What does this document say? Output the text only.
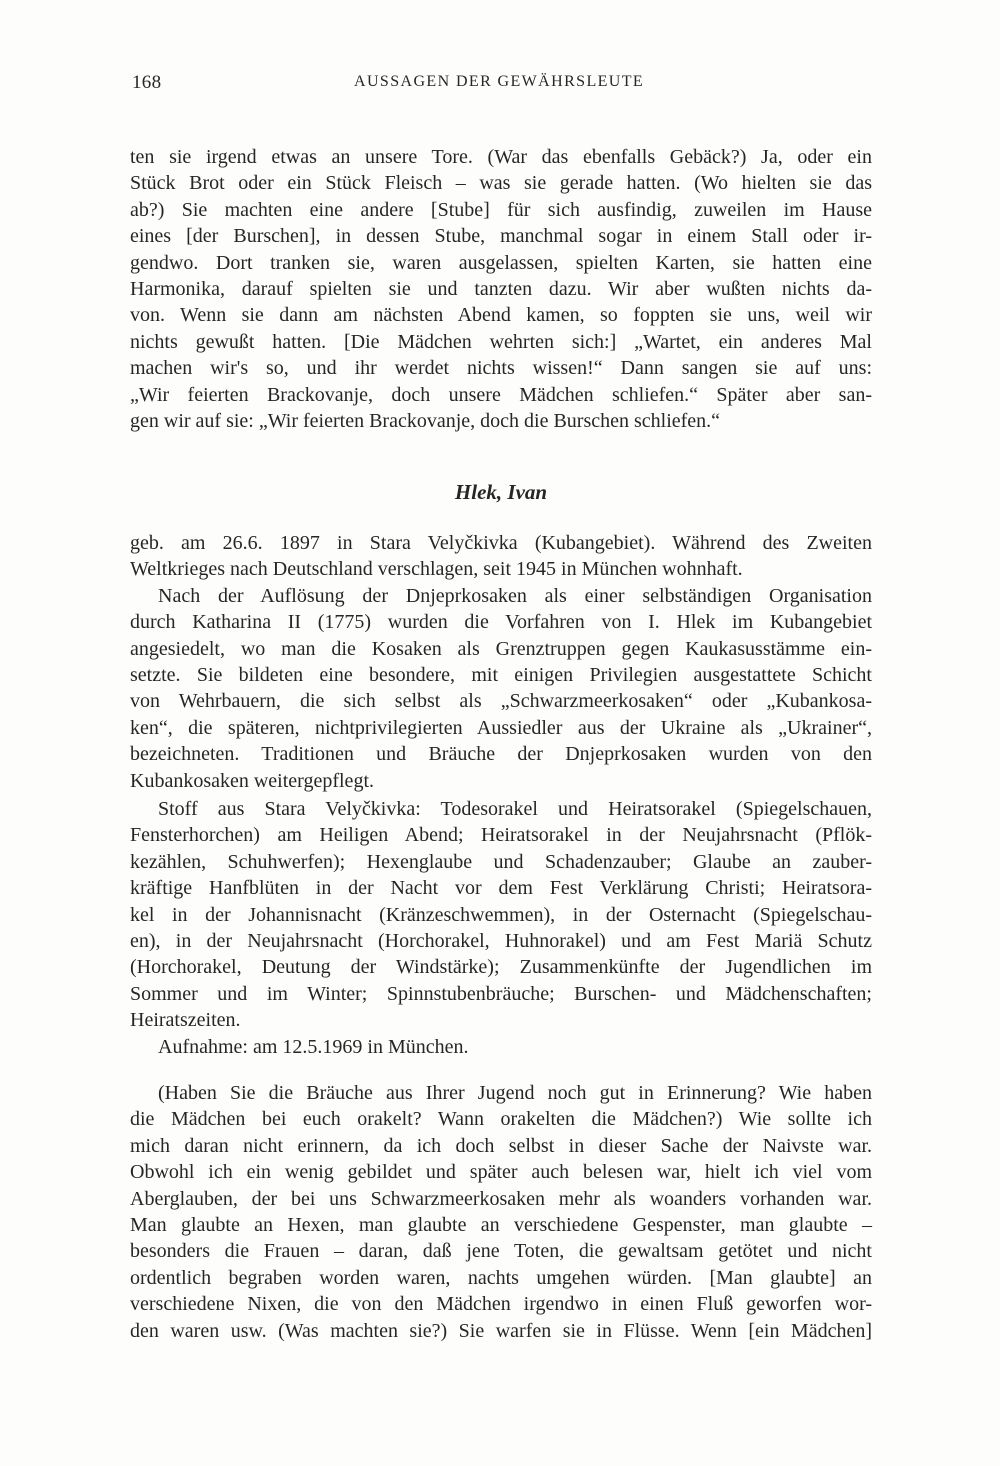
168	AUSSAGEN DER GEWÄHRSLEUTE
ten sie irgend etwas an unsere Tore. (War das ebenfalls Gebäck?) Ja, oder ein
Stück Brot oder ein Stück Fleisch – was sie gerade hatten. (Wo hielten sie das
ab?) Sie machten eine andere [Stube] für sich ausfindig, zuweilen im Hause
eines [der Burschen], in dessen Stube, manchmal sogar in einem Stall oder ir-
gendwo. Dort tranken sie, waren ausgelassen, spielten Karten, sie hatten eine
Harmonika, darauf spielten sie und tanzten dazu. Wir aber wußten nichts da-
von. Wenn sie dann am nächsten Abend kamen, so foppten sie uns, weil wir
nichts gewußt hatten. [Die Mädchen wehrten sich:] „Wartet, ein anderes Mal
machen wir's so, und ihr werdet nichts wissen!“ Dann sangen sie auf uns:
„Wir feierten Brackovanje, doch unsere Mädchen schliefen.“ Später aber san-
gen wir auf sie: „Wir feierten Brackovanje, doch die Burschen schliefen.“
Hlek, Ivan
geb. am 26.6. 1897 in Stara Velyčkivka (Kubangebiet). Während des Zweiten
Weltkrieges nach Deutschland verschlagen, seit 1945 in München wohnhaft.
Nach der Auflösung der Dnjeprkosaken als einer selbständigen Organisation
durch Katharina II (1775) wurden die Vorfahren von I. Hlek im Kubangebiet
angesiedelt, wo man die Kosaken als Grenztruppen gegen Kaukasusstämme ein-
setzte. Sie bildeten eine besondere, mit einigen Privilegien ausgestattete Schicht
von Wehrbauern, die sich selbst als „Schwarzmeerkosaken“ oder „Kubankosa-
ken“, die späteren, nichtprivilegierten Aussiedler aus der Ukraine als „Ukrainer“,
bezeichneten. Traditionen und Bräuche der Dnjeprkosaken wurden von den
Kubankosaken weitergepflegt.
Stoff aus Stara Velyčkivka: Todesorakel und Heiratsorakel (Spiegelschauen,
Fensterhorchen) am Heiligen Abend; Heiratsorakel in der Neujahrsnacht (Pflök-
kezählen, Schuhwerfen); Hexenglaube und Schadenzauber; Glaube an zauber-
kräftige Hanfblüten in der Nacht vor dem Fest Verklärung Christi; Heiratsora-
kel in der Johannisnacht (Kränzeschwemmen), in der Osternacht (Spiegelschau-
en), in der Neujahrsnacht (Horchorakel, Huhnorakel) und am Fest Mariä Schutz
(Horchorakel, Deutung der Windstärke); Zusammenkünfte der Jugendlichen im
Sommer und im Winter; Spinnstubenbräuche; Burschen- und Mädchenschaften;
Heiratszeiten.
Aufnahme: am 12.5.1969 in München.
(Haben Sie die Bräuche aus Ihrer Jugend noch gut in Erinnerung? Wie haben
die Mädchen bei euch orakelt? Wann orakelten die Mädchen?) Wie sollte ich
mich daran nicht erinnern, da ich doch selbst in dieser Sache der Naivste war.
Obwohl ich ein wenig gebildet und später auch belesen war, hielt ich viel vom
Aberglauben, der bei uns Schwarzmeerkosaken mehr als woanders vorhanden war.
Man glaubte an Hexen, man glaubte an verschiedene Gespenster, man glaubte –
besonders die Frauen – daran, daß jene Toten, die gewaltsam getötet und nicht
ordentlich begraben worden waren, nachts umgehen würden. [Man glaubte] an
verschiedene Nixen, die von den Mädchen irgendwo in einen Fluß geworfen wor-
den waren usw. (Was machten sie?) Sie warfen sie in Flüsse. Wenn [ein Mädchen]
